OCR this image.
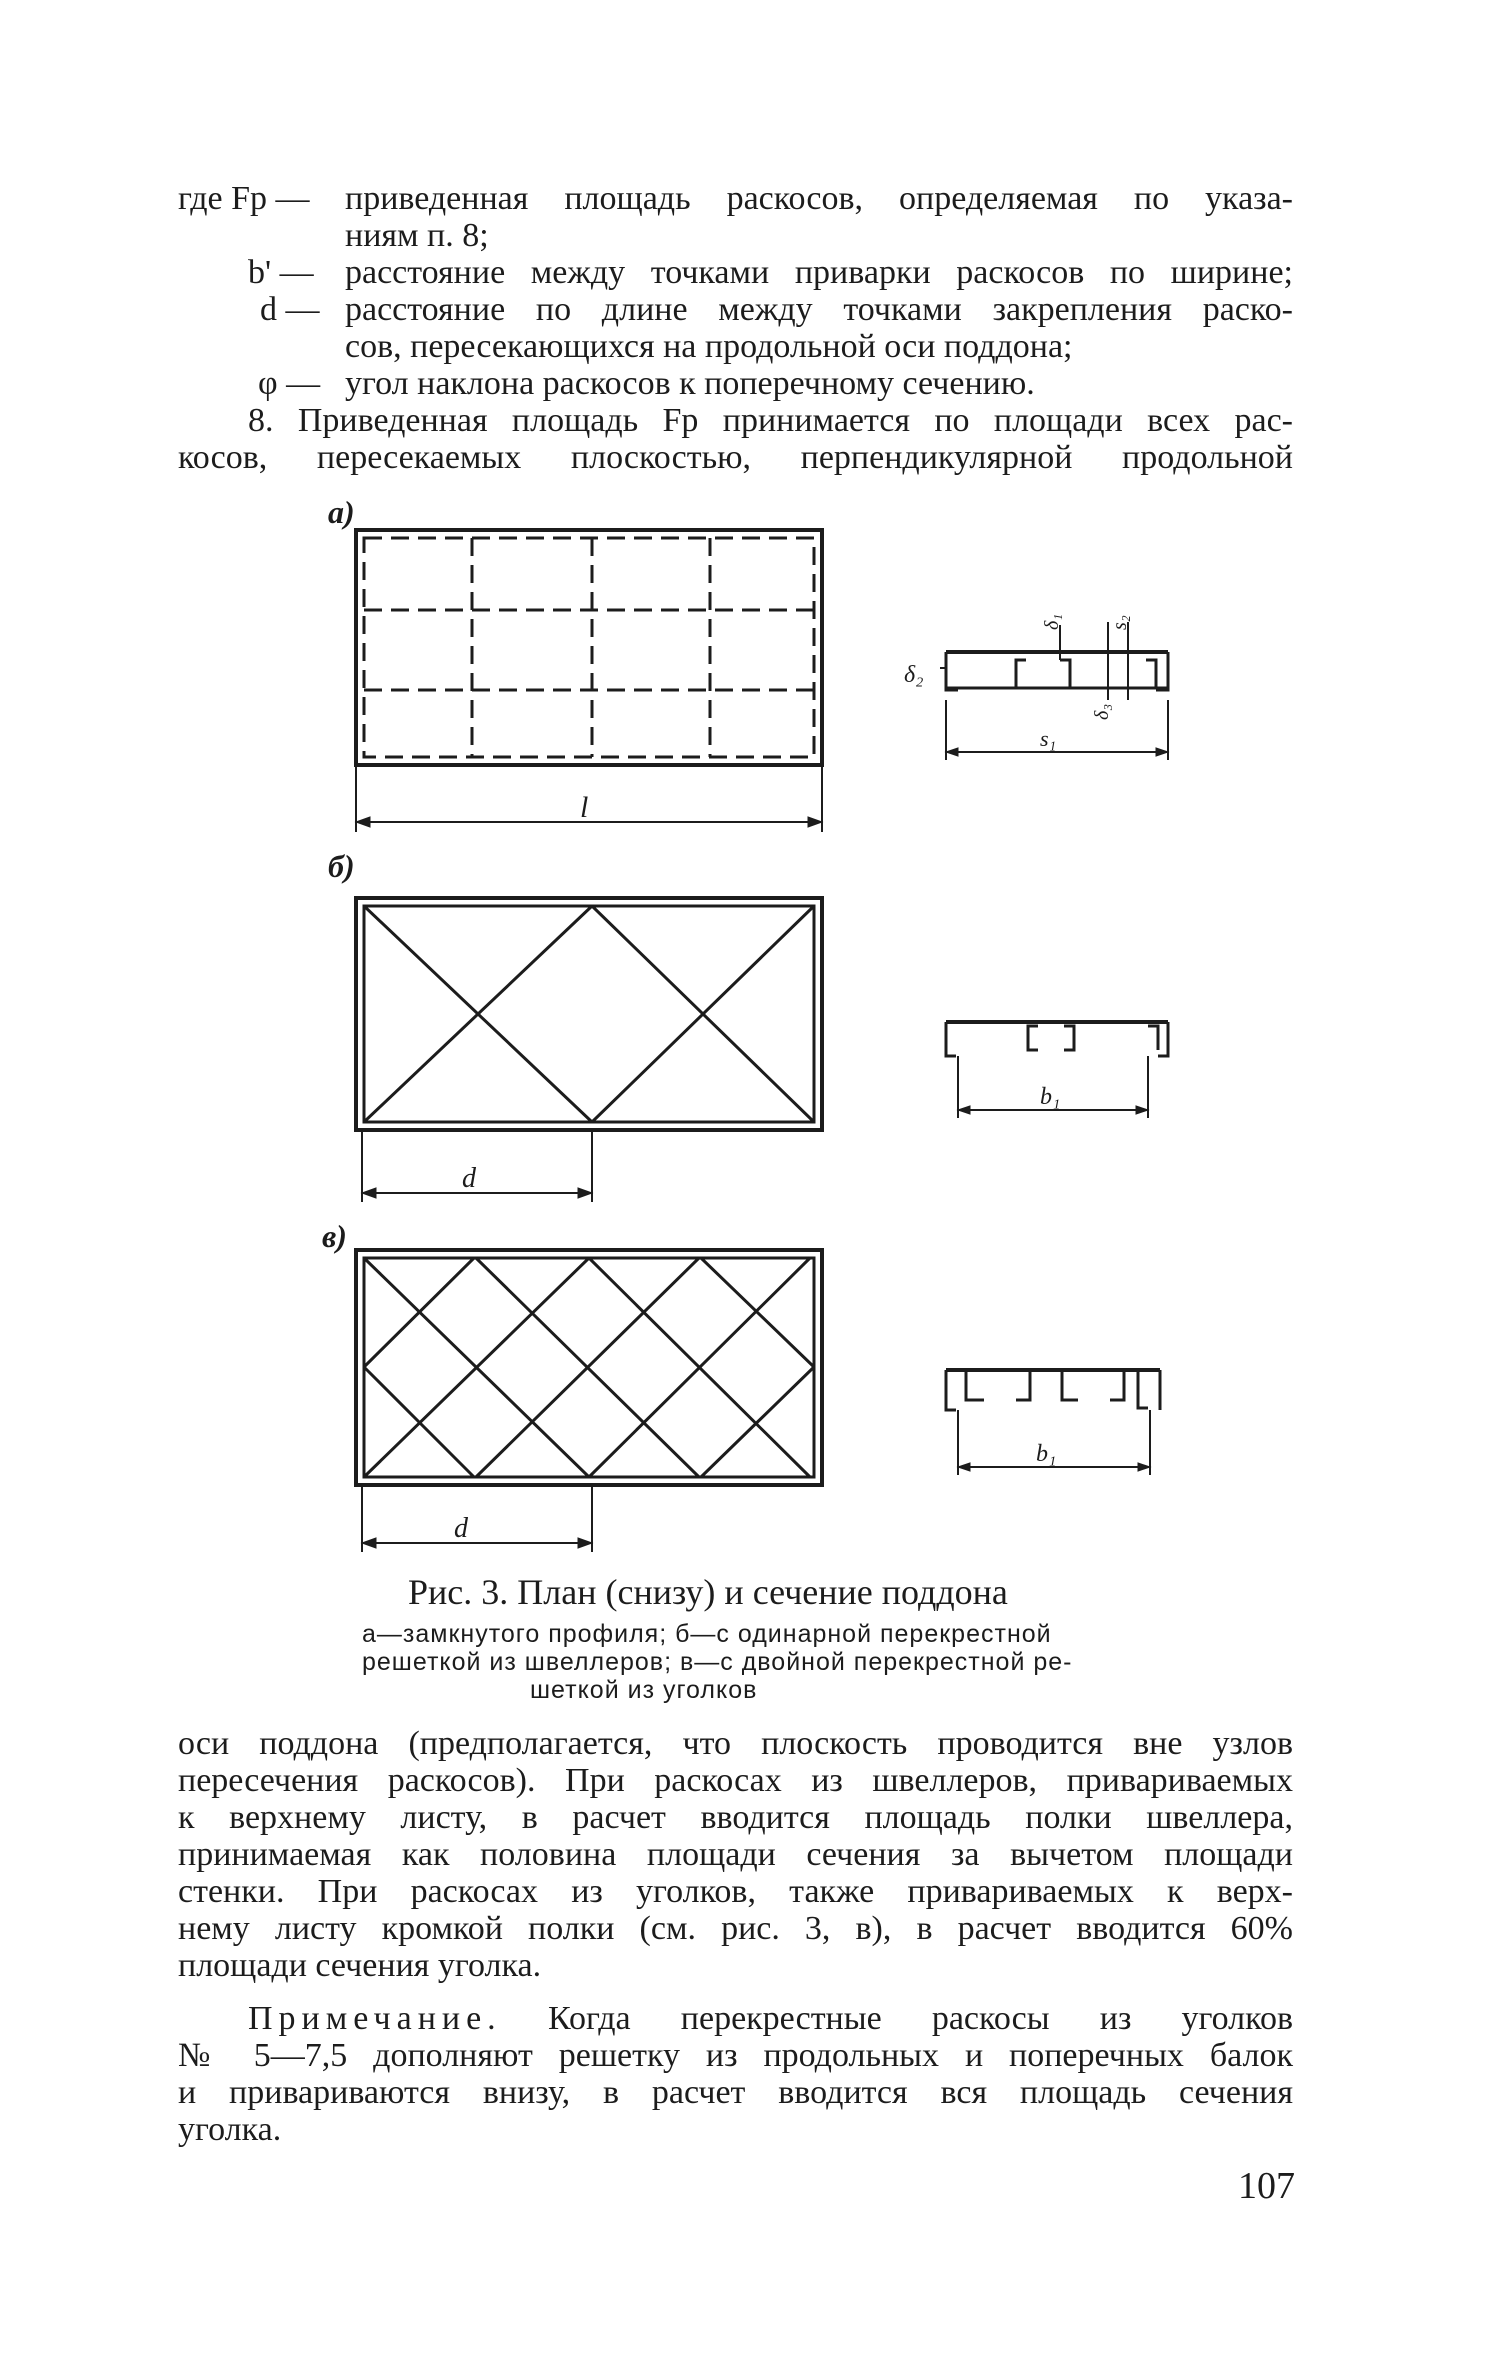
где Fр — приведенная площадь раскосов, определяемая по указа-
ниям п. 8;
b' — расстояние между точками приварки раскосов по ширине;
d — расстояние по длине между точками закрепления раско-
сов, пересекающихся на продольной оси поддона;
φ — угол наклона раскосов к поперечному сечению.
8. Приведенная площадь Fр принимается по площади всех рас-
косов, пересекаемых плоскостью, перпендикулярной продольной
а)
б)
в)
l
d
d
b₁
b₁
s₁
δ₂
δ₁ s₂
δ₃
Рис. 3. План (снизу) и сечение поддона
а—замкнутого профиля; б—с одинарной перекрестной
решеткой из швеллеров; в—с двойной перекрестной ре-
шеткой из уголков
оси поддона (предполагается, что плоскость проводится вне узлов
пересечения раскосов). При раскосах из швеллеров, привариваемых
к верхнему листу, в расчет вводится площадь полки швеллера,
принимаемая как половина площади сечения за вычетом площади
стенки. При раскосах из уголков, также привариваемых к верх-
нему листу кромкой полки (см. рис. 3, в), в расчет вводится 60%
площади сечения уголка.
Примечание. Когда перекрестные раскосы из уголков
№ 5—7,5 дополняют решетку из продольных и поперечных балок
и привариваются внизу, в расчет вводится вся площадь сечения
уголка.
107
